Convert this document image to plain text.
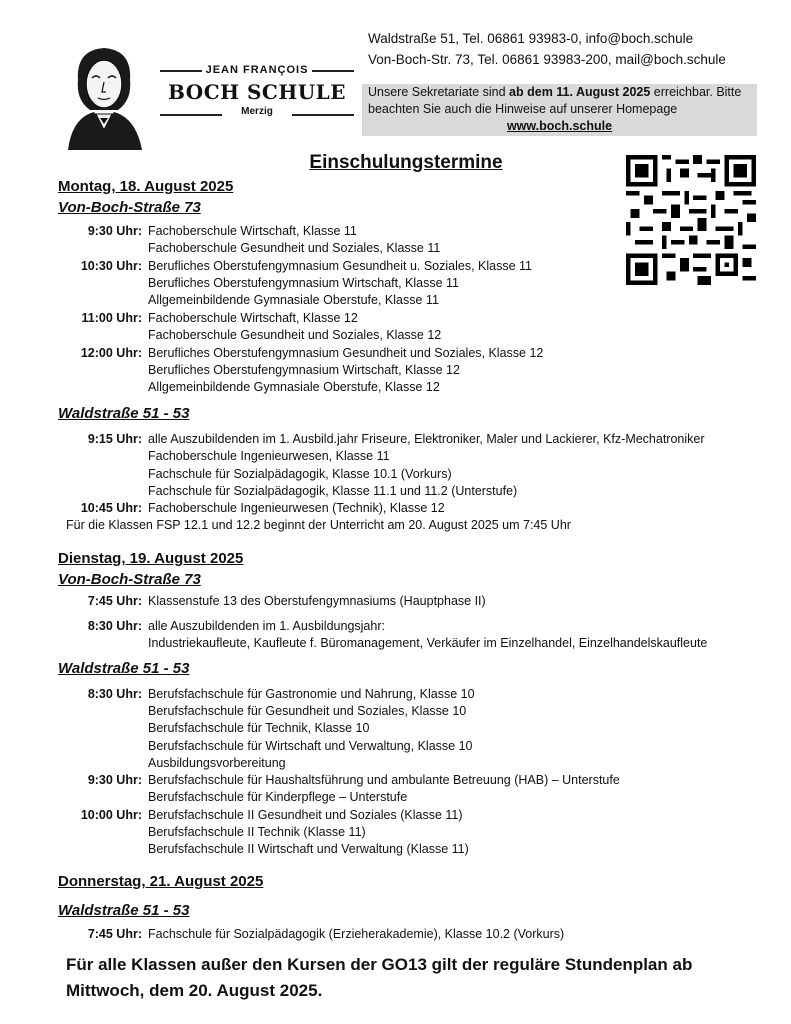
JEAN FRANÇOIS
BOCH SCHULE
Merzig
Waldstraße 51, Tel. 06861 93983-0, info@boch.schule
Von-Boch-Str. 73, Tel. 06861 93983-200, mail@boch.schule
Unsere Sekretariate sind ab dem 11. August 2025 erreichbar. Bitte
beachten Sie auch die Hinweise auf unserer Homepage
www.boch.schule
Einschulungstermine
Montag, 18. August 2025
Von-Boch-Straße 73
9:30 Uhr: Fachoberschule Wirtschaft, Klasse 11
Fachoberschule Gesundheit und Soziales, Klasse 11
10:30 Uhr: Berufliches Oberstufengymnasium Gesundheit u. Soziales, Klasse 11
Berufliches Oberstufengymnasium Wirtschaft, Klasse 11
Allgemeinbildende Gymnasiale Oberstufe, Klasse 11
11:00 Uhr: Fachoberschule Wirtschaft, Klasse 12
Fachoberschule Gesundheit und Soziales, Klasse 12
12:00 Uhr: Berufliches Oberstufengymnasium Gesundheit und Soziales, Klasse 12
Berufliches Oberstufengymnasium Wirtschaft, Klasse 12
Allgemeinbildende Gymnasiale Oberstufe, Klasse 12
Waldstraße 51 - 53
9:15 Uhr: alle Auszubildenden im 1. Ausbild.jahr Friseure, Elektroniker, Maler und Lackierer, Kfz-Mechatroniker
Fachoberschule Ingenieurwesen, Klasse 11
Fachschule für Sozialpädagogik, Klasse 10.1 (Vorkurs)
Fachschule für Sozialpädagogik, Klasse 11.1 und 11.2 (Unterstufe)
10:45 Uhr: Fachoberschule Ingenieurwesen (Technik), Klasse 12
Für die Klassen FSP 12.1 und 12.2 beginnt der Unterricht am 20. August 2025 um 7:45 Uhr
Dienstag, 19. August 2025
Von-Boch-Straße 73
7:45 Uhr: Klassenstufe 13 des Oberstufengymnasiums (Hauptphase II)
8:30 Uhr: alle Auszubildenden im 1. Ausbildungsjahr:
Industriekaufleute, Kaufleute f. Büromanagement, Verkäufer im Einzelhandel, Einzelhandelskaufleute
Waldstraße 51 - 53
8:30 Uhr: Berufsfachschule für Gastronomie und Nahrung, Klasse 10
Berufsfachschule für Gesundheit und Soziales, Klasse 10
Berufsfachschule für Technik, Klasse 10
Berufsfachschule für Wirtschaft und Verwaltung, Klasse 10
Ausbildungsvorbereitung
9:30 Uhr: Berufsfachschule für Haushaltsführung und ambulante Betreuung (HAB) – Unterstufe
Berufsfachschule für Kinderpflege – Unterstufe
10:00 Uhr: Berufsfachschule II Gesundheit und Soziales (Klasse 11)
Berufsfachschule II Technik (Klasse 11)
Berufsfachschule II Wirtschaft und Verwaltung (Klasse 11)
Donnerstag, 21. August 2025
Waldstraße 51 - 53
7:45 Uhr: Fachschule für Sozialpädagogik (Erzieherakademie), Klasse 10.2 (Vorkurs)
Für alle Klassen außer den Kursen der GO13 gilt der reguläre Stundenplan ab
Mittwoch, dem 20. August 2025.
